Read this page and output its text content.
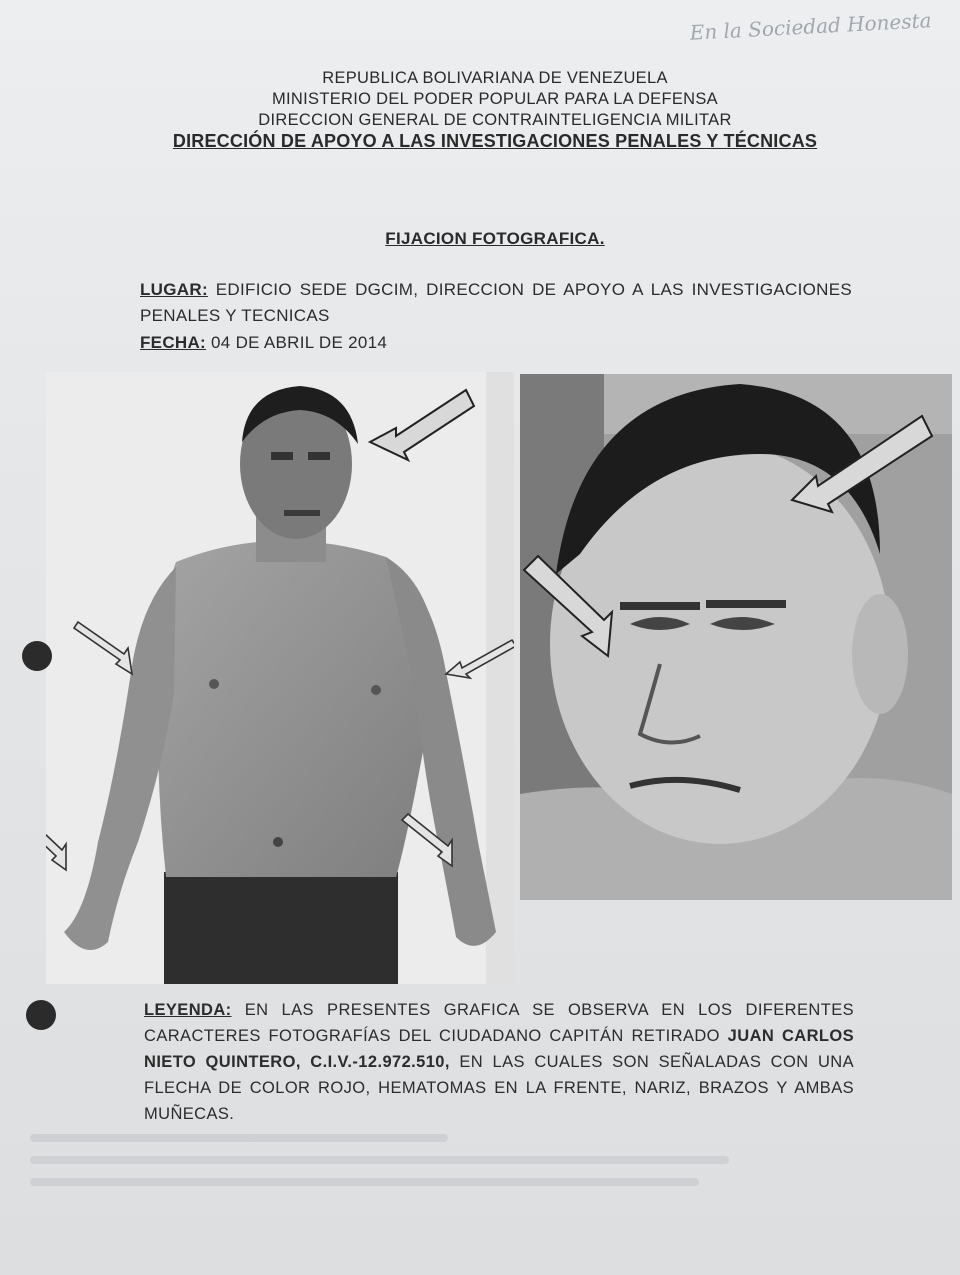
En la Sociedad Honesta
REPUBLICA BOLIVARIANA DE VENEZUELA
MINISTERIO DEL PODER POPULAR PARA LA DEFENSA
DIRECCION GENERAL DE CONTRAINTELIGENCIA MILITAR
DIRECCIÓN DE APOYO A LAS INVESTIGACIONES PENALES Y TÉCNICAS
FIJACION FOTOGRAFICA.
LUGAR: EDIFICIO SEDE DGCIM, DIRECCION DE APOYO A LAS INVESTIGACIONES PENALES Y TECNICAS
FECHA: 04 DE ABRIL DE 2014
LEYENDA: EN LAS PRESENTES GRAFICA SE OBSERVA EN LOS DIFERENTES CARACTERES FOTOGRAFÍAS DEL CIUDADANO CAPITÁN RETIRADO JUAN CARLOS NIETO QUINTERO, C.I.V.-12.972.510, EN LAS CUALES SON SEÑALADAS CON UNA FLECHA DE COLOR ROJO, HEMATOMAS EN LA FRENTE, NARIZ, BRAZOS Y AMBAS MUÑECAS.
